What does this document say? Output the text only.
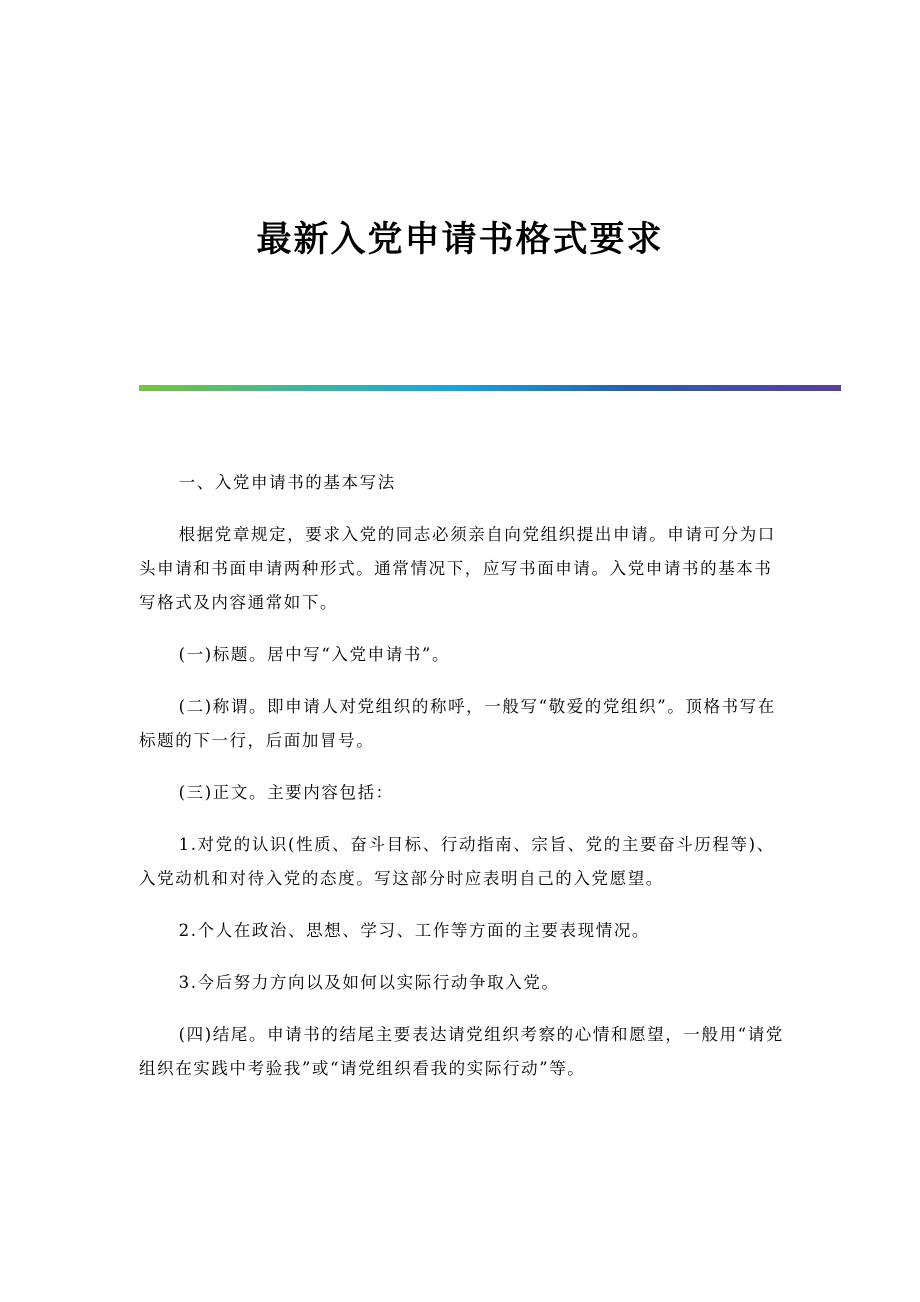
最新入党申请书格式要求

一、入党申请书的基本写法

根据党章规定，要求入党的同志必须亲自向党组织提出申请。申请可分为口头申请和书面申请两种形式。通常情况下，应写书面申请。入党申请书的基本书写格式及内容通常如下。

(一)标题。居中写“入党申请书”。

(二)称谓。即申请人对党组织的称呼，一般写“敬爱的党组织”。顶格书写在标题的下一行，后面加冒号。

(三)正文。主要内容包括：

1.对党的认识(性质、奋斗目标、行动指南、宗旨、党的主要奋斗历程等)、入党动机和对待入党的态度。写这部分时应表明自己的入党愿望。

2.个人在政治、思想、学习、工作等方面的主要表现情况。

3.今后努力方向以及如何以实际行动争取入党。

(四)结尾。申请书的结尾主要表达请党组织考察的心情和愿望，一般用“请党组织在实践中考验我”或“请党组织看我的实际行动”等。
